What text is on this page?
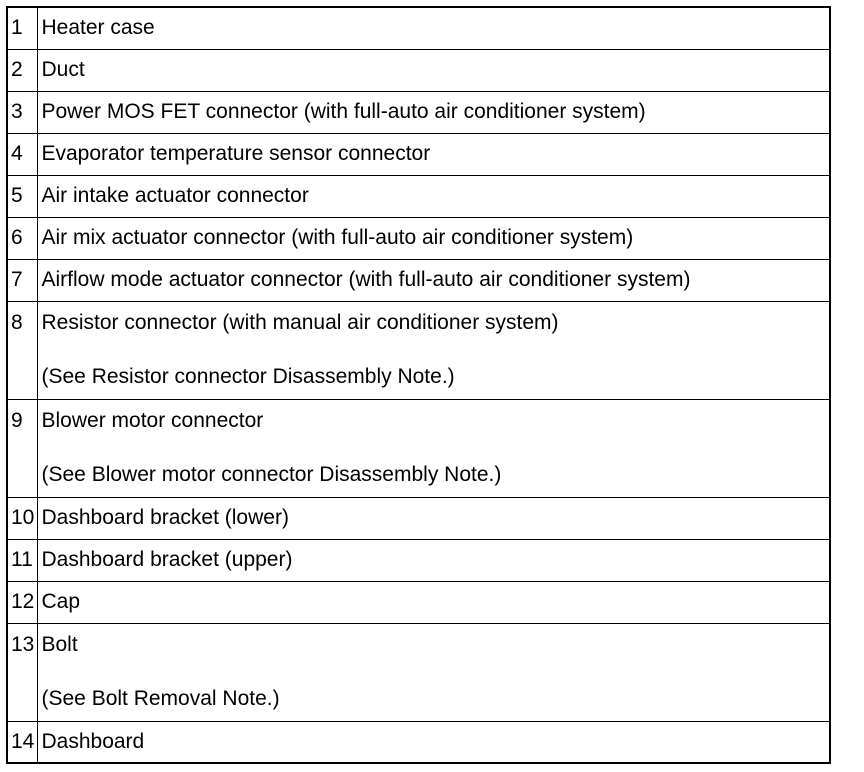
1	Heater case
2	Duct
3	Power MOS FET connector (with full-auto air conditioner system)
4	Evaporator temperature sensor connector
5	Air intake actuator connector
6	Air mix actuator connector (with full-auto air conditioner system)
7	Airflow mode actuator connector (with full-auto air conditioner system)
8	Resistor connector (with manual air conditioner system)
(See Resistor connector Disassembly Note.)

9	Blower motor connector
(See Blower motor connector Disassembly Note.)

10	Dashboard bracket (lower)
11	Dashboard bracket (upper)
12	Cap
13	Bolt
(See Bolt Removal Note.)

14	Dashboard
